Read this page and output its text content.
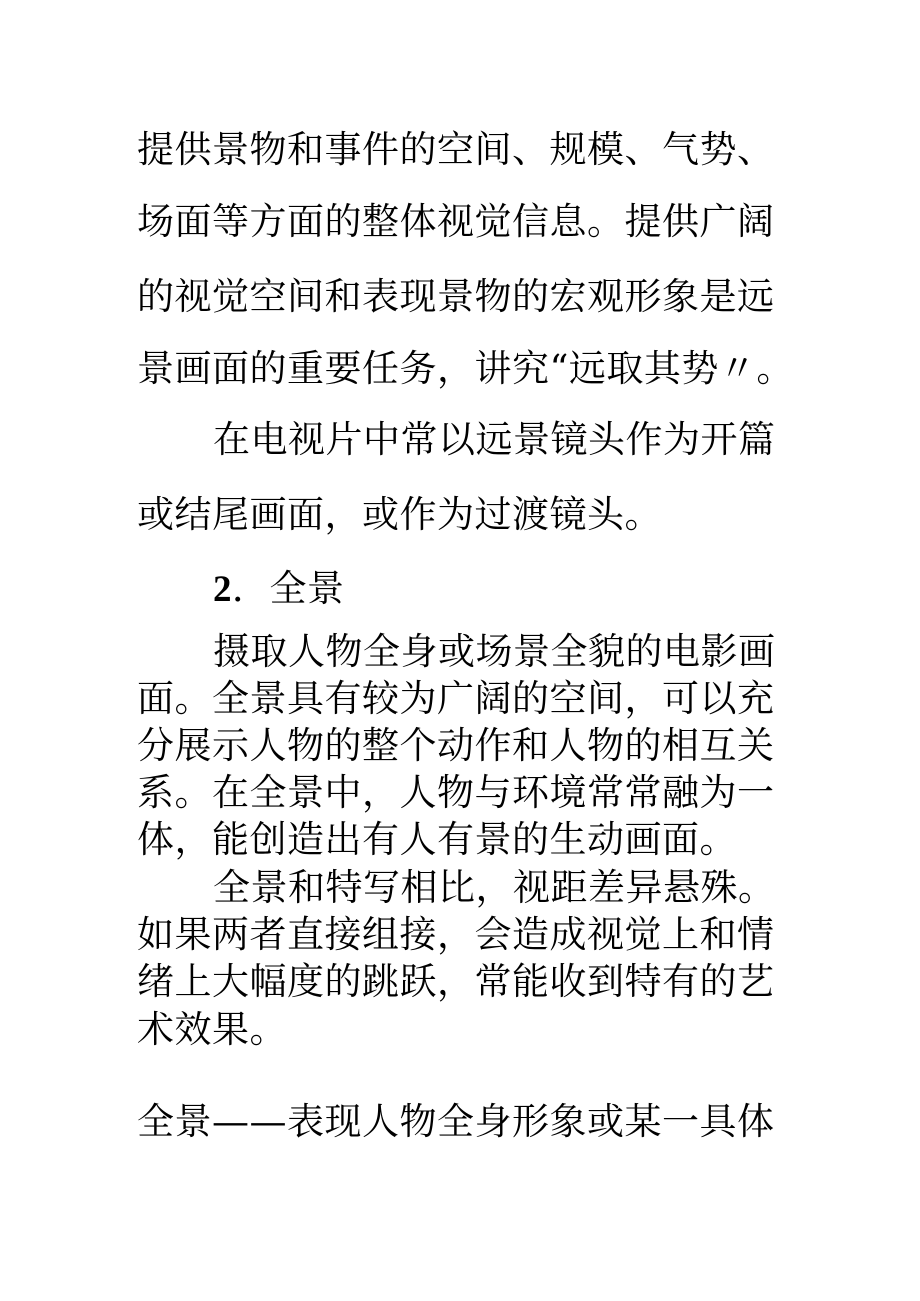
提供景物和事件的空间、规模、气势、
场面等方面的整体视觉信息。提供广阔
的视觉空间和表现景物的宏观形象是远
景画面的重要任务，讲究“远取其势〃。
在电视片中常以远景镜头作为开篇
或结尾画面，或作为过渡镜头。
2．全景
摄取人物全身或场景全貌的电影画
面。全景具有较为广阔的空间，可以充
分展示人物的整个动作和人物的相互关
系。在全景中，人物与环境常常融为一
体，能创造出有人有景的生动画面。
全景和特写相比，视距差异悬殊。
如果两者直接组接，会造成视觉上和情
绪上大幅度的跳跃，常能收到特有的艺
术效果。
全景——表现人物全身形象或某一具体
